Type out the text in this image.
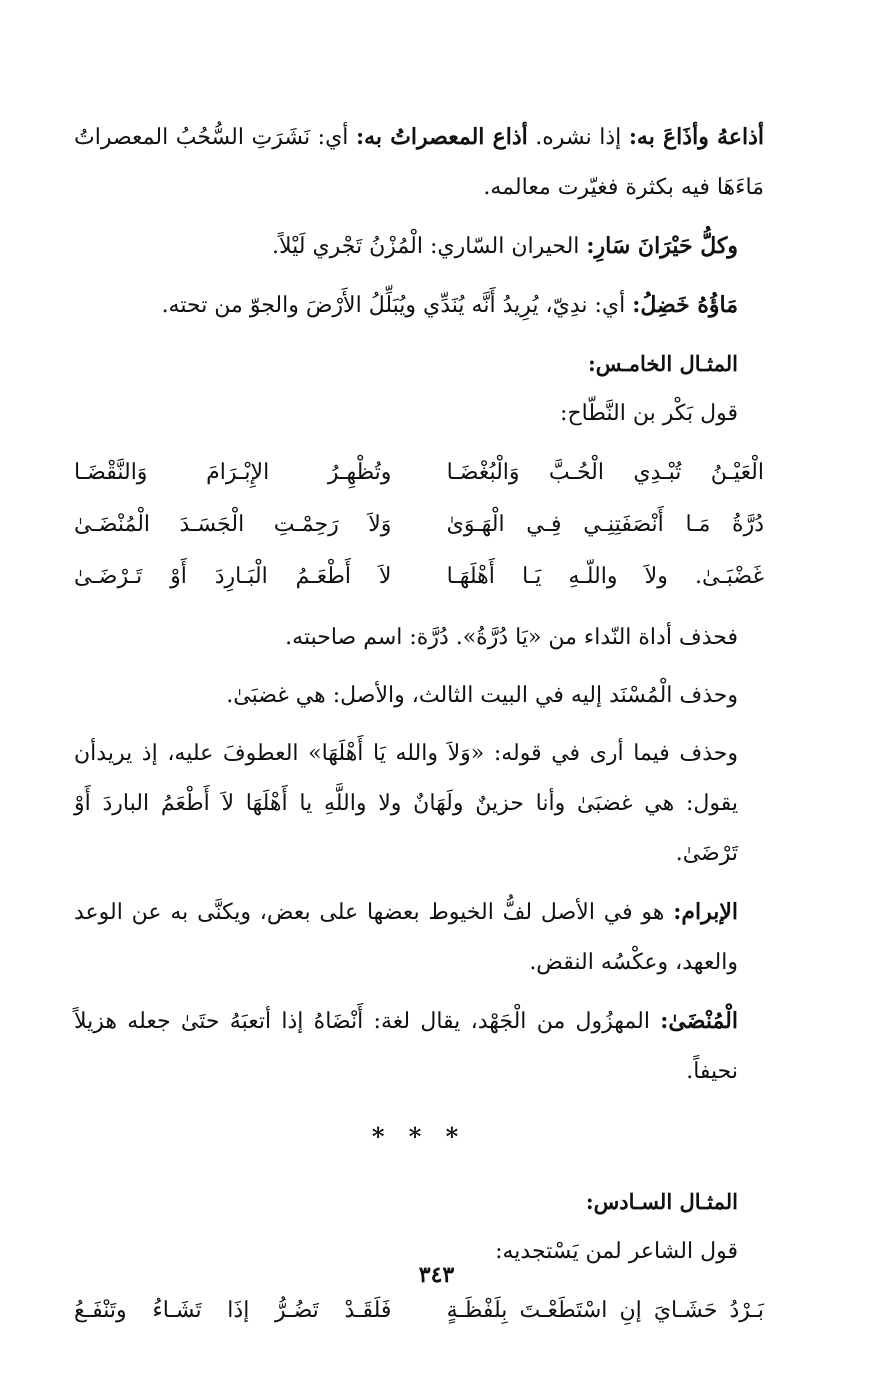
أذاعهُ وأذَاعَ به: إذا نشره. أذاع المعصراتُ به: أي: نَشَرَتِ السُّحُبُ المعصراتُ مَاءَهَا فيه بكثرة فغيّرت معالمه.

وكلُّ حَيْرَانَ سَارِ: الحيران السّاري: الْمُزْنُ تَجْري لَيْلاً.

مَاؤُهُ خَضِلُ: أي: ندِيّ، يُرِيدُ أَنَّه يُنَدِّي ويُبَلِّلُ الأَرْضَ والجوّ من تحته.

المثـال الخامـس:
قول بَكْر بن النَّطّاح:
الْعَيْـنُ تُبْـدِي الْحُـبَّ وَالْبُغْضَـا
وتُظْهِـرُ الإِبْـرَامَ وَالنَّقْضَـا
دُرَّةُ مَـا أَنْصَفَتِنِـي فِـي الْهَـوَىٰ
وَلاَ رَحِمْـتِ الْجَسَـدَ الْمُنْضَـىٰ
غَضْبَـىٰ. ولاَ واللّـهِ يَـا أَهْلَهَـا
لاَ أَطْعَـمُ الْبَـارِدَ أَوْ تَـرْضَـىٰ

فحذف أداة النّداء من «يَا دُرَّةُ». دُرَّة: اسم صاحبته.

وحذف الْمُسْنَد إليه في البيت الثالث، والأصل: هي غضبَىٰ.

وحذف فيما أرى في قوله: «وَلاَ والله يَا أَهْلَهَا» العطوفَ عليه، إذ يريدأن يقول: هي غضبَىٰ وأنا حزينٌ ولَهَانٌ ولا واللَّهِ يا أَهْلَهَا لاَ أَطْعَمُ الباردَ أَوْ تَرْضَىٰ.

الإبرام: هو في الأصل لفُّ الخيوط بعضها على بعض، ويكنَّى به عن الوعد والعهد، وعكْسُه النقض.

الْمُنْضَىٰ: المهزُول من الْجَهْد، يقال لغة: أَنْضَاهُ إذا أتعبَهُ حتَىٰ جعله هزيلاً نحيفاً.

* * *
المثـال السـادس:
قول الشاعر لمن يَسْتجديه:
بَـرْدُ حَشَـايَ إنِ اسْتَطَعْـتَ بِلَفْظَـةٍ
فَلَقَـدْ تَضُـرُّ إذَا تَشَـاءُ وتَنْفَـعُ
٣٤٣
